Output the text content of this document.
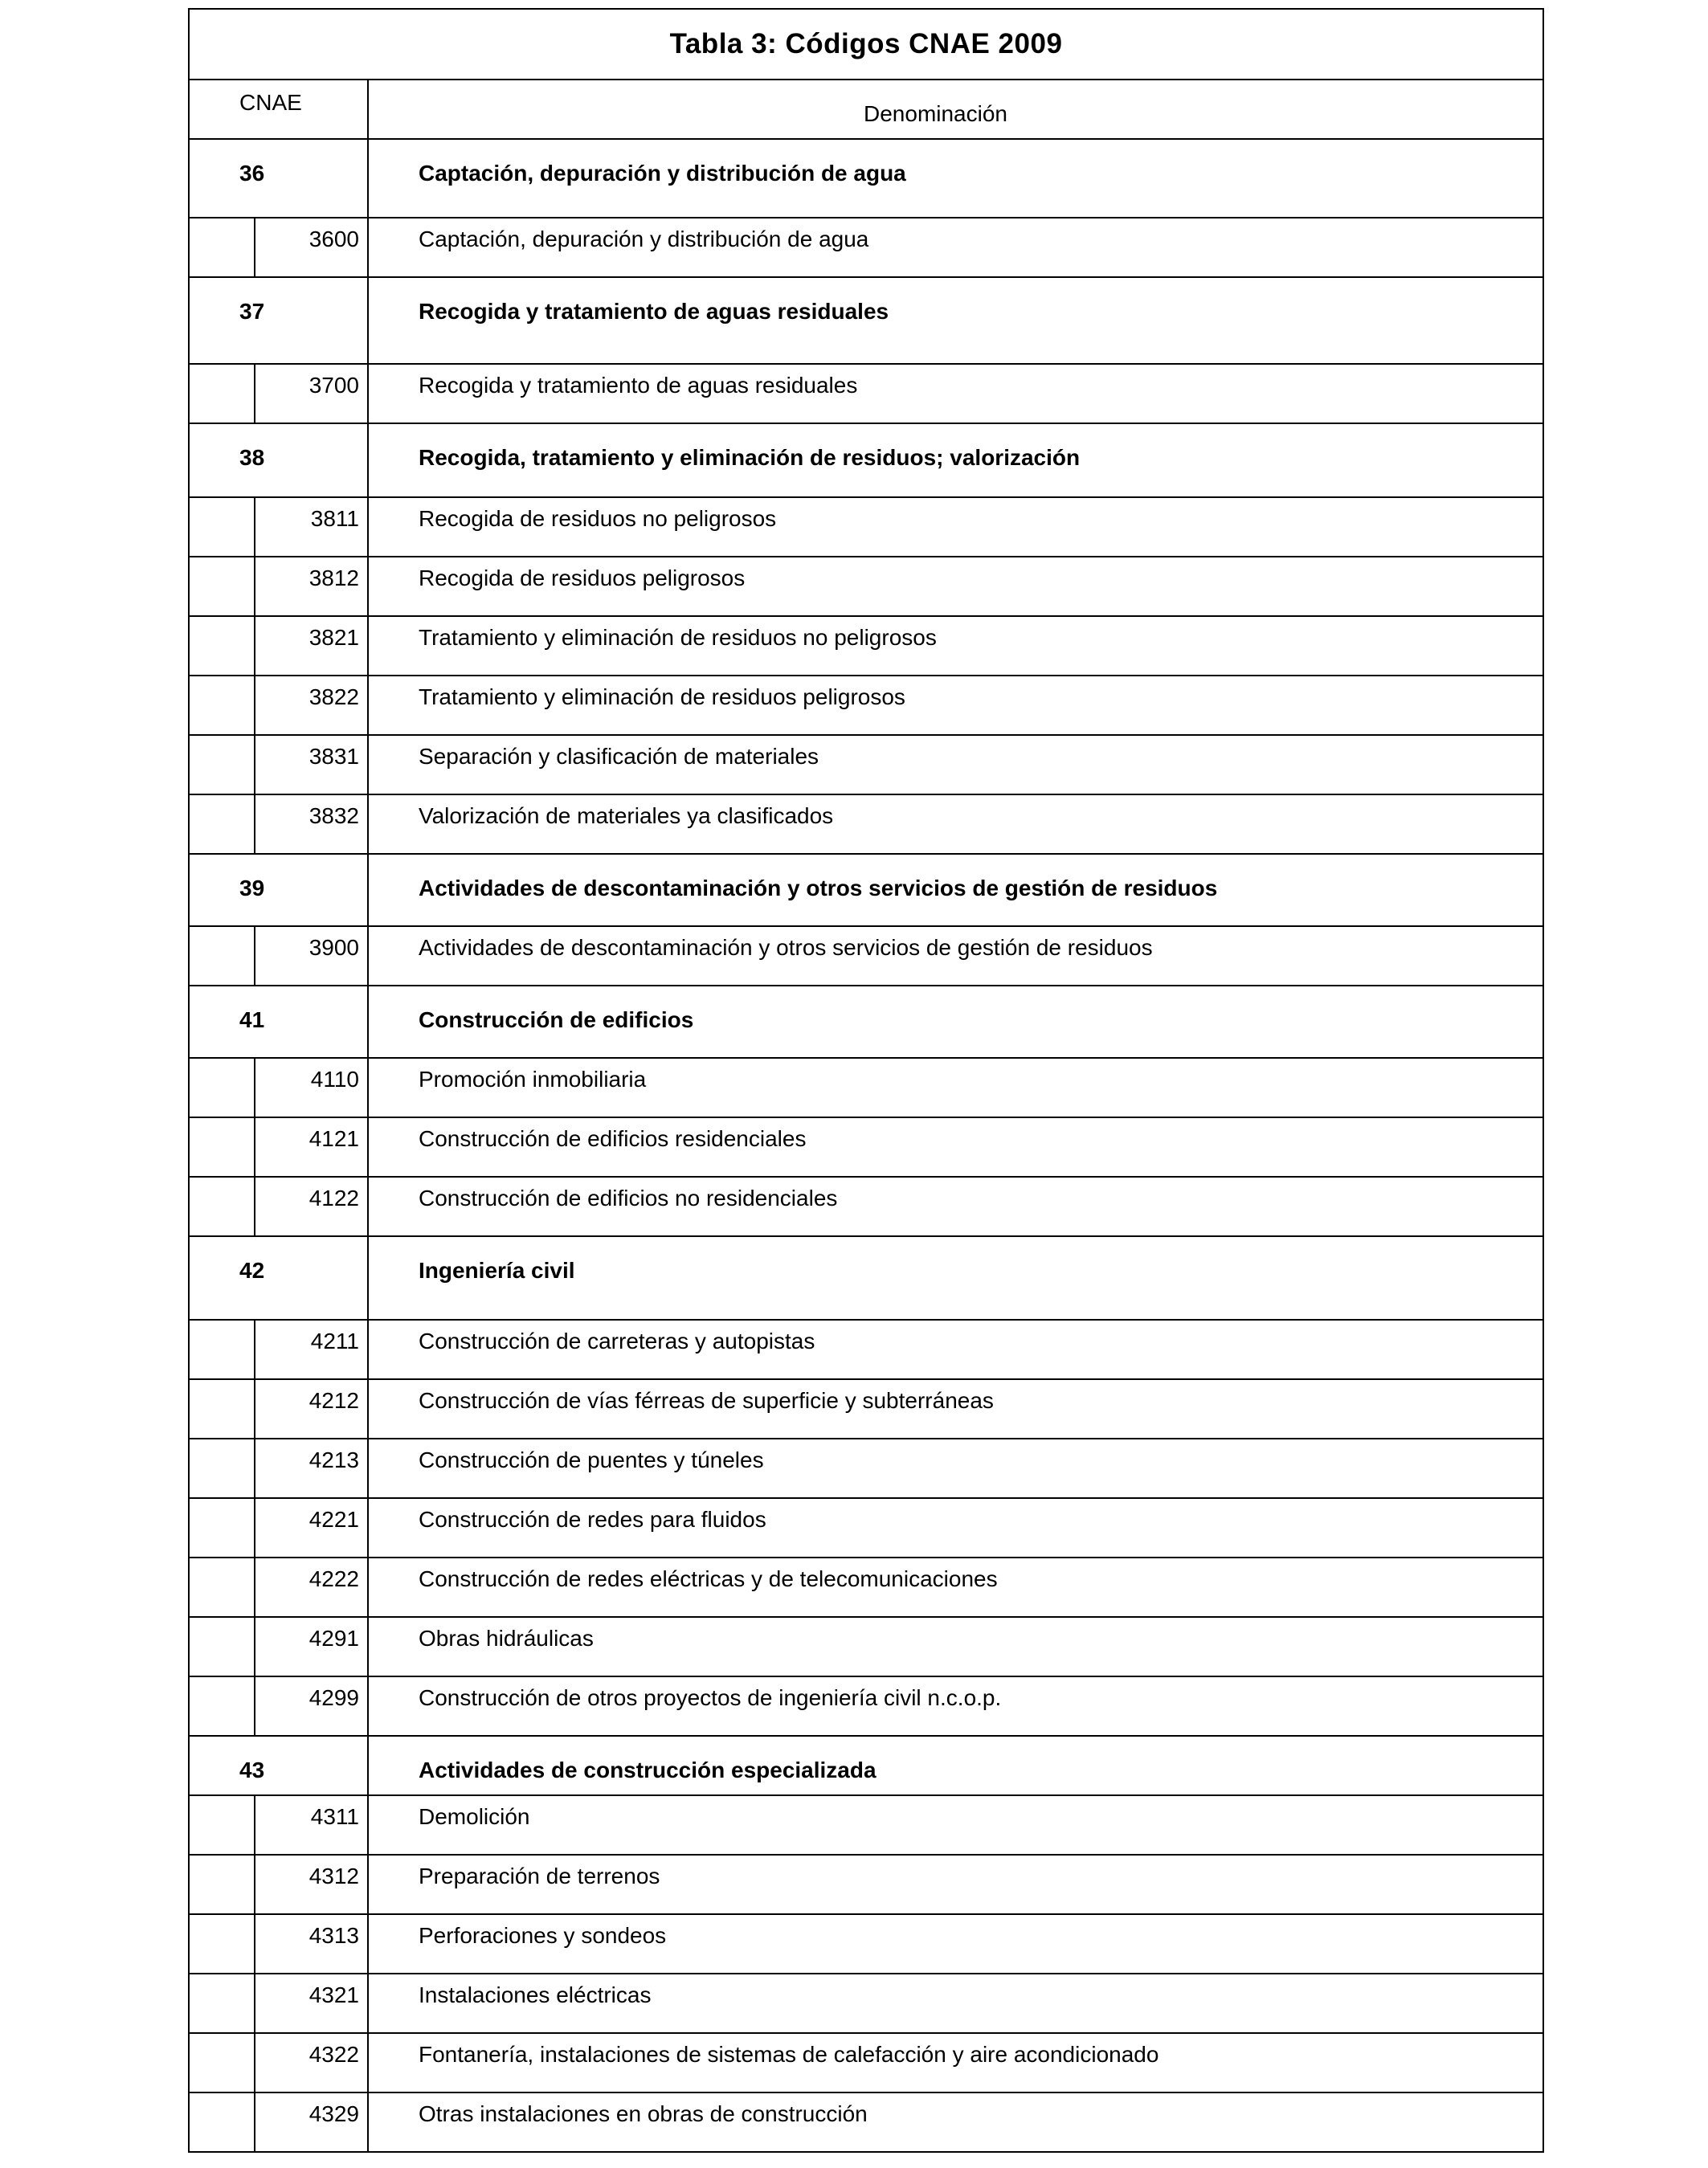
Tabla 3: Códigos CNAE 2009
CNAE	Denominación
36	Captación, depuración y distribución de agua
3600	Captación, depuración y distribución de agua
37	Recogida y tratamiento de aguas residuales
3700	Recogida y tratamiento de aguas residuales
38	Recogida, tratamiento y eliminación de residuos; valorización
3811	Recogida de residuos no peligrosos
3812	Recogida de residuos peligrosos
3821	Tratamiento y eliminación de residuos no peligrosos
3822	Tratamiento y eliminación de residuos peligrosos
3831	Separación y clasificación de materiales
3832	Valorización de materiales ya clasificados
39	Actividades de descontaminación y otros servicios de gestión de residuos
3900	Actividades de descontaminación y otros servicios de gestión de residuos
41	Construcción de edificios
4110	Promoción inmobiliaria
4121	Construcción de edificios residenciales
4122	Construcción de edificios no residenciales
42	Ingeniería civil
4211	Construcción de carreteras y autopistas
4212	Construcción de vías férreas de superficie y subterráneas
4213	Construcción de puentes y túneles
4221	Construcción de redes para fluidos
4222	Construcción de redes eléctricas y de telecomunicaciones
4291	Obras hidráulicas
4299	Construcción de otros proyectos de ingeniería civil n.c.o.p.
43	Actividades de construcción especializada
4311	Demolición
4312	Preparación de terrenos
4313	Perforaciones y sondeos
4321	Instalaciones eléctricas
4322	Fontanería, instalaciones de sistemas de calefacción y aire acondicionado
4329	Otras instalaciones en obras de construcción
